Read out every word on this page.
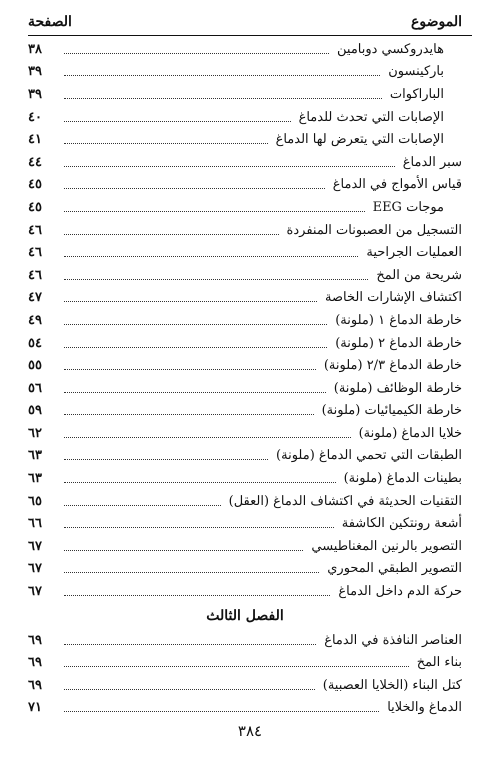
الموضوع
الصفحة
هايدروكسي دوبامين
٣٨
باركينسون
٣٩
الباراكوات
٣٩
الإصابات التي تحدث للدماغ
٤٠
الإصابات التي يتعرض لها الدماغ
٤١
سبر الدماغ
٤٤
قياس الأمواج في الدماغ
٤٥
موجات EEG
٤٥
التسجيل من العصبونات المنفردة
٤٦
العمليات الجراحية
٤٦
شريحة من المخ
٤٦
اكتشاف الإشارات الخاصة
٤٧
خارطة الدماغ ١ (ملونة)
٤٩
خارطة الدماغ ٢ (ملونة)
٥٤
خارطة الدماغ ٢/٣ (ملونة)
٥٥
خارطة الوظائف (ملونة)
٥٦
خارطة الكيميائيات (ملونة)
٥٩
خلايا الدماغ (ملونة)
٦٢
الطبقات التي تحمي الدماغ (ملونة)
٦٣
بطينات الدماغ (ملونة)
٦٣
التقنيات الحديثة في اكتشاف الدماغ (العقل)
٦٥
أشعة رونتكين الكاشفة
٦٦
التصوير بالرنين المغناطيسي
٦٧
التصوير الطبقي المحوري
٦٧
حركة الدم داخل الدماغ
٦٧
الفصل الثالث
العناصر النافذة في الدماغ
٦٩
بناء المخ
٦٩
كتل البناء (الخلايا العصبية)
٦٩
الدماغ والخلايا
٧١
٣٨٤
